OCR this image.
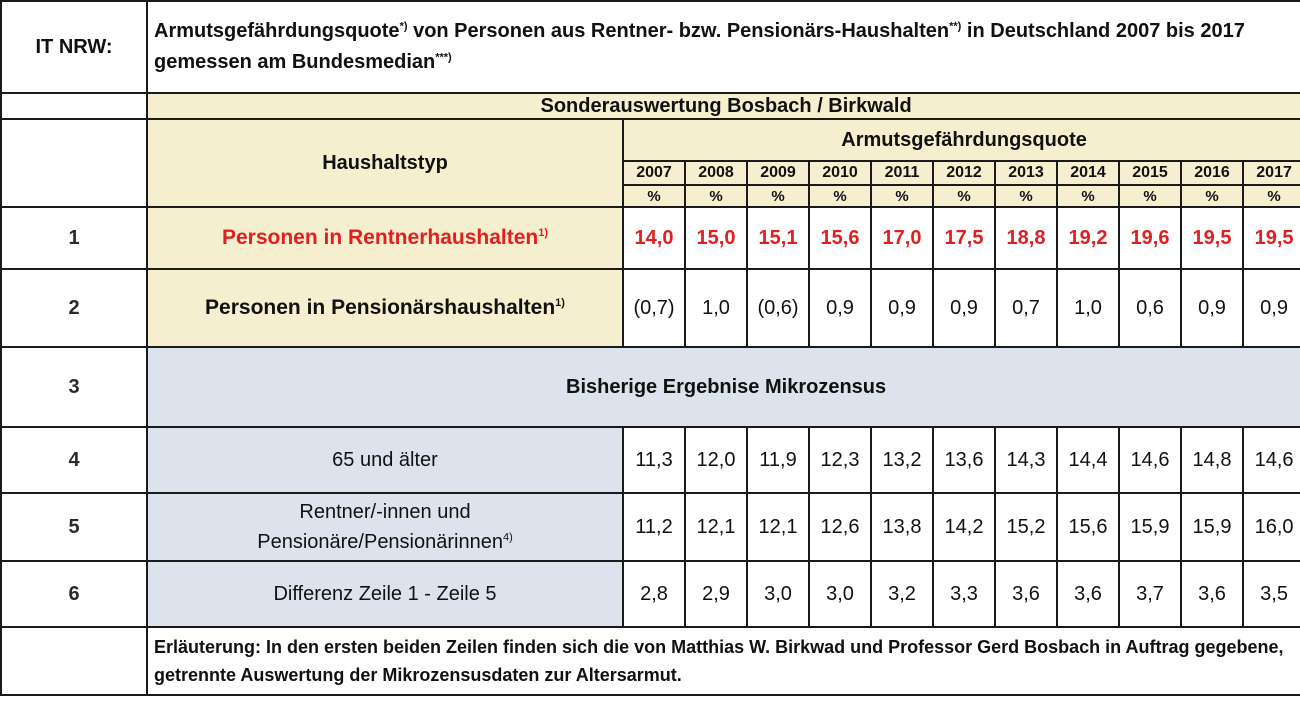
IT NRW:	Armutsgefährdungsquote*) von Personen aus Rentner- bzw. Pensionärs-Haushalten**) in Deutschland 2007 bis 2017 gemessen am Bundesmedian***)
	Sonderauswertung Bosbach / Birkwald											
	Haushaltstyp	Armutsgefährdungsquote										
		2007	2008	2009	2010	2011	2012	2013	2014	2015	2016	2017
		%	%	%	%	%	%	%	%	%	%	%
1	Personen in Rentnerhaushalten$^{1)}$	14,0	15,0	15,1	15,6	17,0	17,5	18,8	19,2	19,6	19,5	19,5
2	Personen in Pensionärshaushalten$^{1)}$	(0,7)	1,0	(0,6)	0,9	0,9	0,9	0,7	1,0	0,6	0,9	0,9
3	Bisherige Ergebnise Mikrozensus											
4	65 und älter	11,3	12,0	11,9	12,3	13,2	13,6	14,3	14,4	14,6	14,8	14,6
5	Rentner/-innen und
Pensionäre/Pensionärinnen$^{4)}$	11,2	12,1	12,1	12,6	13,8	14,2	15,2	15,6	15,9	15,9	16,0
6	Differenz Zeile 1 - Zeile 5	2,8	2,9	3,0	3,0	3,2	3,3	3,6	3,6	3,7	3,6	3,5
	Erläuterung: In den ersten beiden Zeilen finden sich die von Matthias W. Birkwad und Professor Gerd Bosbach in Auftrag gegebene, getrennte Auswertung der Mikrozensusdaten zur Altersarmut.											
